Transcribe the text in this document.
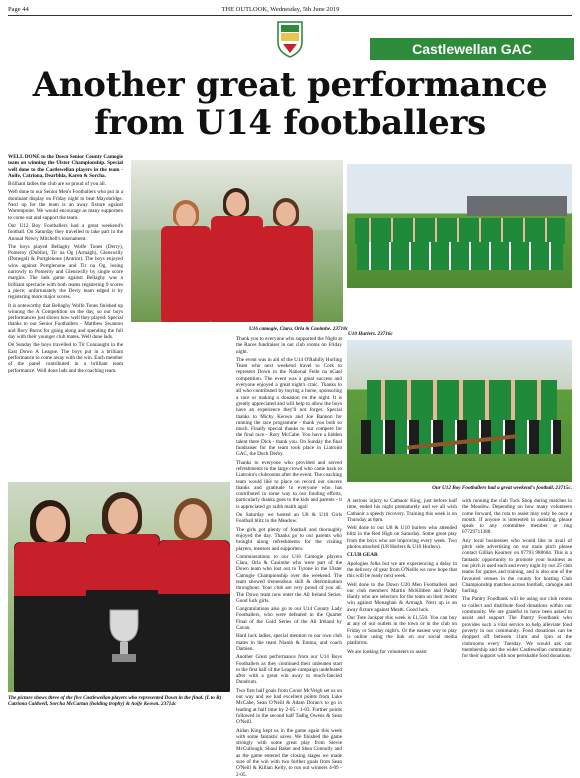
Page 44	THE OUTLOOK, Wednesday, 5th June 2019
Castlewellan GAC
Another great performance
from U14 footballers

WELL DONE to the Down Senior County Camogie team on winning the Ulster Championship. Special well done to the Castlewellan players in the team - Aoife, Catriona, Dearbhla, Karen & Sorcha.

Brilliant ladies the club are so proud of you all.

Well done to our Senior Men's Footballers who put in a dominant display on Friday night to beat Mayobridge. Next up for the team is an away fixture against Warrenpoint. We would encourage as many supporters to come out and support the team.

Our U12 Boy Footballers had a great weekend's football. On Saturday they travelled to take part in the Annual Newry Mitchell's tournament.

The boys played Bellaghy Wolfe Tones (Derry), Pomeroy (Dublin), Tir na Og (Armagh), Glenswilly (Donegal) & Portglenone (Antrim). The boys enjoyed wins against Portglenone and Tir na Og, losing narrowly to Pomeroy and Glenswilly by single score margins. The lads game against Bellaghy was a brilliant spectacle with both teams registering 9 scores a piece; unfortunately the Derry team edged it by registering more major scores.

It is noteworthy that Bellaghy Wolfe Tones finished up winning the A Competition on the day, so our boys performances just shows how well they played. Special thanks to our Senior Footballers - Matthew Swanton and Rory Burns for going along and spending the full day with their younger club mates. Well done lads.

On Sunday the boys travelled to Tir Connaught in the East Down A League. The boys put in a brilliant performance to come away with the win. Each member of the panel contributed in a brilliant team performance. Well done lads and the coaching team.

U16 camogie, Clara, Orla & Caoimhe. 23718c
U10 Hurlers. 23716c
Our U12 Boy Footballers had a great weekend's football. 23715c.

Thank you to everyone who supported the Night at the Races fundraiser in our club rooms on Friday night.

The event was in aid of the U14 O'Rahilly Hurling Team who next weekend travel to Cork to represent Down in the National Feile na nGael competition. The event was a great success and everyone enjoyed a great night's craic. Thanks to all who contributed by buying a horse, sponsoring a race or making a donation on the night. It is greatly appreciated and will help to allow the boys have an experience they'll not forget. Special thanks to Micky Keown and Joe Bannon for running the race programme - thank you both so much. Finally special thanks to our compere for the final race - Rory McCabe. You have a hidden talent there Dick - thank you. On Sunday the final fundraiser for the team took place in Liatroim GAC, the Duck Derby.

Thanks to everyone who provided and served refreshments to the large crowd who came back to Liatroim's clubrooms after the event. The coaching team would like to place on record our sincere thanks and gratitude to everyone who has contributed in some way to our funding efforts, particularly thanks goes to the kids and parents - it is appreciated go raibh maith agat!

On Saturday we hosted an U8 & U10 Girls Football blitz in the Meadow.

The girls got plenty of football and thoroughly enjoyed the day. Thanks go to our parents who brought along refreshments for the visiting players, mentors and supporters.

Commiserations to our U16 Camogie players Clara, Orla & Caoimhe who were part of the Down team who lost out to Tyrone in the Ulster Camogie Championship over the weekend. The team showed tremendous skill & determination throughout. Your club are very proud of you all. The Down team now enter the All Ireland Series. Good luck girls.

Congratulations also go to our U14 County Lady Footballers, who were defeated in the Quarter Final of the Gold Series of the All Ireland by Cavan.

Hard luck ladies, special mention to our own club mates in the team Niamh & Emma, and coach Damien.

Another Great performance from our U14 Boys Footballers as they continued their unbeaten start to the first half of the League campaign undefeated after with a great win away to much-fancied Dundrum.

Two first half goals from Conor McVeigh set us on our way and we had excellent points from Luke McCabe, Sean O'Neill & Adam Doran's to go in leading at half time by 2-05 - 1-03. Further points followed in the second half Tadhg Owens & Sean O'Neill.

Aidan King kept us in the game again this week with some fantastic saves. We finished the game strongly with some great play from Stevie McCullough, Shaul Baker and Shea Connolly and as the game entered the closing stages we made sure of the win with two further goals from Sean O'Neill & Killian Kelly, to run out winners 4-09 - 2-05.

The picture shows three of the five Castlewellan players who represented Down in the final. (L to R) Catriona Caldwell, Sorcha McCartan (holding trophy) & Aoife Keown. 23714c

A serious injury to Cathaoir King, just before half time, ended his night prematurely and we all wish Cathaoir a speedy recovery. Training this week is on Thursday at 6pm.

Well done to our U8 & U10 hurlers who attended blitz in the Red High on Saturday. Some great play from the boys who are improving every week. Two photos attached (U8 Hurlers & U10 Hurlers).

CLUB GEAR

Apologies folks but we are experiencing a delay in the delivery of gear from O'Neills we now hope that this will be ready next week.

Well done to the Down U20 Men Footballers and our club members Martin McKibben and Paddy Hardy who are selectors for the team on their recent win against Monaghan & Armagh. Next up is an away fixture against Meath. Good luck.

Our Tote Jackpot this week is £1,550. You can buy at any of our outlets in the town or in the club on Friday or Sunday night's. Or the easiest way to play is online using the link on our social media platforms.

We are looking for volunteers to assist

with running the club Tuck Shop during matches in the Meadow. Depending on how many volunteers come forward, the rota to assist may only be once a month. If anyone is interested in assisting, please speak to any committee member or ring 07729711388.

Any local businesses who would like to avail of pitch side advertising on our main pitch please contact Gillian Kearney on 07793 988604. This is a fantastic opportunity to promote your business as our pitch is used each and every night by our 25 club teams for games and training, and is also one of the favoured venues in the county for hosting Club Championship matches across football, camogie and hurling.

The Pantry Foodbank will be using our club rooms to collect and distribute food donations within our community. We are grateful to have been asked to assist and support The Pantry Foodbank who provides such a vital service to help alleviate food poverty in our community. Food donations can be dropped off between 11am and 1pm at the clubrooms every Tuesday. We would ask our membership and the wider Castlewellan community for their support with non perishable food donations.
